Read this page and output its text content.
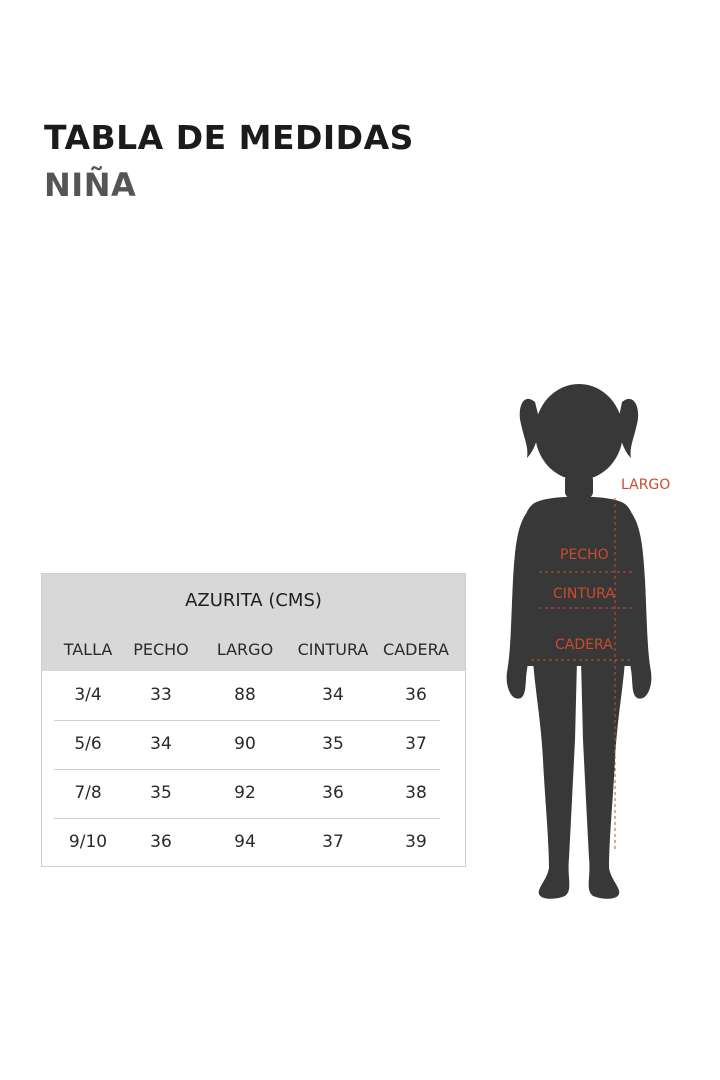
TABLA DE MEDIDAS
NIÑA
AZURITA (CMS)
TALLA PECHO LARGO CINTURA CADERA
3/4	33	88	34	36
5/6	34	90	35	37
7/8	35	92	36	38
9/10	36	94	37	39
LARGO
PECHO
CINTURA
CADERA
